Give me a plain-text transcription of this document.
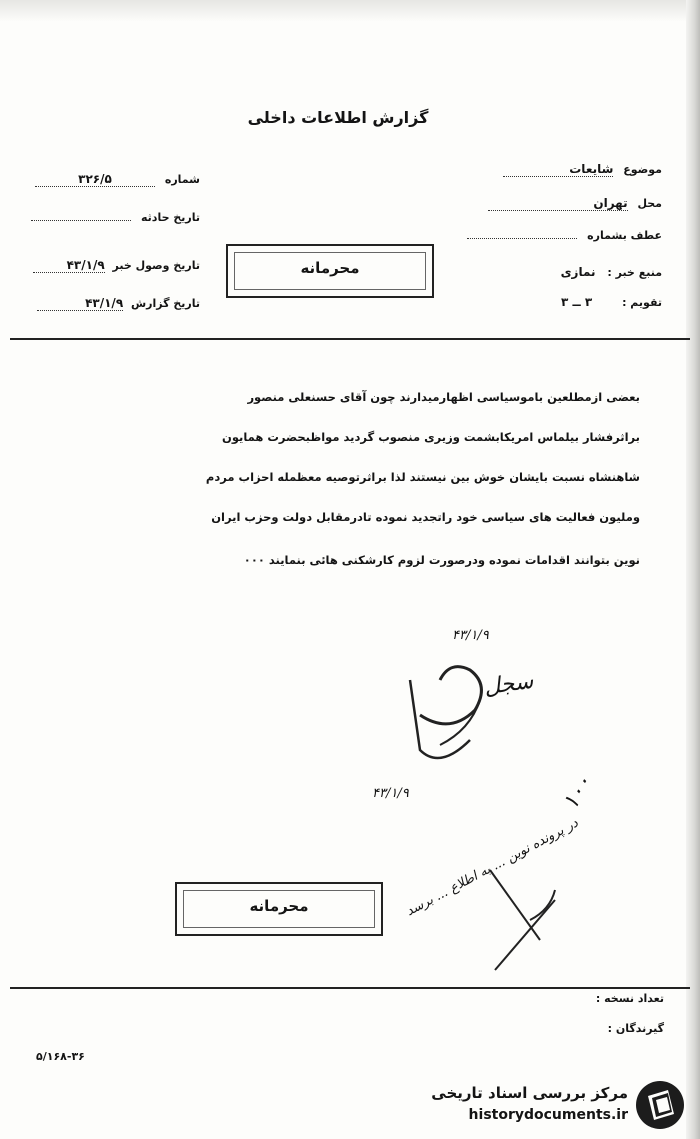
گزارش اطلاعات داخلی
موضوع شایعات
محل تهران
عطف بشماره
منبع خبر : نمازی
تقویم : ۳ ــ ۳
شماره ۳۲۶/۵
تاریخ حادثه
تاریخ وصول خبر ۴۳/۱/۹
تاریخ گزارش ۴۳/۱/۹
محرمانه
بعضی ازمطلعین باموسیاسی اظهارمیدارند چون آقای حسنعلی منصور
براثرفشار بیلماس امریکابشمت وزیری منصوب گردید مواظبحضرت همایون
شاهنشاه نسبت بایشان خوش بین نیستند لذا براثرتوصیه معظمله احزاب مردم
وملیون فعالیت های سیاسی خود راتجدید نموده تادرمقابل دولت وحزب ایران
نوین بتوانند اقدامات نموده ودرصورت لزوم کارشکنی هائی بنمایند ۰۰۰
۴۳/۱/۹
۴۳/۱/۹
سجل
۱۰۰
در پرونده نوین ... به اطلاع ... برسد
محرمانه
تعداد نسخه :
گیرندگان :
۵/۱۶۸-۳۶
مرکز بررسی اسناد تاریخی
historydocuments.ir
